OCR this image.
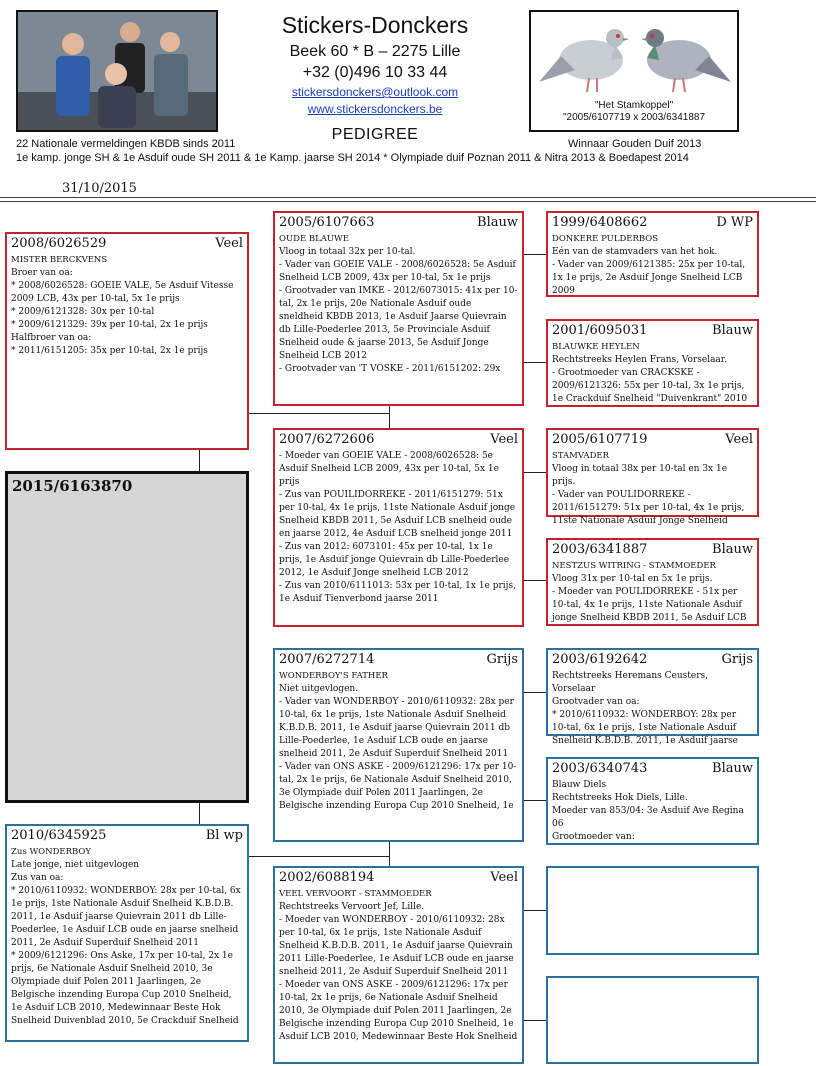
Stickers-Donckers
Beek 60 * B – 2275 Lille
+32 (0)496 10 33 44
stickersdonckers@outlook.com
www.stickersdonckers.be
PEDIGREE
"Het Stamkoppel"
"2005/6107719 x 2003/6341887
22 Nationale vermeldingen KBDB sinds 2011	Winnaar Gouden Duif 2013
1e kamp. jonge SH & 1e Asduif oude SH 2011 & 1e Kamp. jaarse SH 2014 * Olympiade duif Poznan 2011 & Nitra 2013 & Boedapest 2014
31/10/2015
2015/6163870
2008/6026529	Veel

MISTER BERCKVENS

Broer van oa:

* 2008/6026528: GOEIE VALE, 5e Asduif Vitesse 2009 LCB, 43x per 10-tal, 5x 1e prijs

* 2009/6121328: 30x per 10-tal

* 2009/6121329: 39x per 10-tal, 2x 1e prijs

Halfbroer van oa:

* 2011/6151205: 35x per 10-tal, 2x 1e prijs

2010/6345925	Bl wp

Zus WONDERBOY

Late jonge, niet uitgevlogen

Zus van oa:

* 2010/6110932: WONDERBOY: 28x per 10-tal, 6x 1e prijs, 1ste Nationale Asduif Snelheid K.B.D.B. 2011, 1e Asduif jaarse Quievrain 2011 db Lille-Poederlee, 1e Asduif LCB oude en jaarse snelheid 2011, 2e Asduif Superduif Snelheid 2011

* 2009/6121296: Ons Aske, 17x per 10-tal, 2x 1e prijs, 6e Nationale Asduif Snelheid 2010, 3e Olympiade duif Polen 2011 Jaarlingen, 2e Belgische inzending Europa Cup 2010 Snelheid, 1e Asduif LCB 2010, Medewinnaar Beste Hok Snelheid Duivenblad 2010, 5e Crackduif Snelheid

2005/6107663	Blauw

OUDE BLAUWE

Vloog in totaal 32x per 10-tal.

- Vader van GOEIE VALE - 2008/6026528: 5e Asduif Snelheid LCB 2009, 43x per 10-tal, 5x 1e prijs

- Grootvader van IMKE - 2012/6073015: 41x per 10-tal, 2x 1e prijs, 20e Nationale Asduif oude sneldheid KBDB 2013, 1e Asduif Jaarse Quievrain db Lille-Poederlee 2013, 5e Provinciale Asduif Snelheid oude & jaarse 2013, 5e Asduif Jonge Snelheid LCB 2012

- Grootvader van 'T VOSKE - 2011/6151202: 29x

2007/6272606	Veel

- Moeder van GOEIE VALE - 2008/6026528: 5e Asduif Snelheid LCB 2009, 43x per 10-tal, 5x 1e prijs

- Zus van POUILIDORREKE - 2011/6151279: 51x per 10-tal, 4x 1e prijs, 11ste Nationale Asduif jonge Snelheid KBDB 2011, 5e Asduif LCB snelheid oude en jaarse 2012, 4e Asduif LCB snelheid jonge 2011

- Zus van 2012: 6073101: 45x per 10-tal, 1x 1e prijs, 1e Asduif jonge Quievrain db Lille-Poederlee 2012, 1e Asduif Jonge snelheid LCB 2012

- Zus van 2010/6111013: 53x per 10-tal, 1x 1e prijs, 1e Asduif Tienverbond jaarse 2011

2007/6272714	Grijs

WONDERBOY'S FATHER

Niet uitgevlogen.

- Vader van WONDERBOY - 2010/6110932: 28x per 10-tal, 6x 1e prijs, 1ste Nationale Asduif Snelheid K.B.D.B. 2011, 1e Asduif jaarse Quievrain 2011 db Lille-Poederlee, 1e Asduif LCB oude en jaarse snelheid 2011, 2e Asduif Superduif Snelheid 2011

- Vader van ONS ASKE - 2009/6121296: 17x per 10-tal, 2x 1e prijs, 6e Nationale Asduif Snelheid 2010, 3e Olympiade duif Polen 2011 Jaarlingen, 2e Belgische inzending Europa Cup 2010 Snelheid, 1e

2002/6088194	Veel

VEEL VERVOORT - STAMMOEDER

Rechtstreeks Vervoort Jef, Lille.

- Moeder van WONDERBOY - 2010/6110932: 28x per 10-tal, 6x 1e prijs, 1ste Nationale Asduif Snelheid K.B.D.B. 2011, 1e Asduif jaarse Quievrain 2011 Lille-Poederlee, 1e Asduif LCB oude en jaarse snelheid 2011, 2e Asduif Superduif Snelheid 2011

- Moeder van ONS ASKE - 2009/6121296: 17x per 10-tal, 2x 1e prijs, 6e Nationale Asduif Snelheid 2010, 3e Olympiade duif Polen 2011 Jaarlingen, 2e Belgische inzending Europa Cup 2010 Snelheid, 1e Asduif LCB 2010, Medewinnaar Beste Hok Snelheid

1999/6408662	D WP

DONKERE PULDERBOS

Eén van de stamvaders van het hok.

- Vader van 2009/6121385: 25x per 10-tal, 1x 1e prijs, 2e Asduif Jonge Snelheid LCB 2009

2001/6095031	Blauw

BLAUWKE HEYLEN

Rechtstreeks Heylen Frans, Vorselaar.

- Grootmoeder van CRACKSKE - 2009/6121326: 55x per 10-tal, 3x 1e prijs, 1e Crackduif Snelheid "Duivenkrant" 2010

2005/6107719	Veel

STAMVADER

Vloog in totaal 38x per 10-tal en 3x 1e prijs.

- Vader van POULIDORREKE - 2011/6151279: 51x per 10-tal, 4x 1e prijs, 11ste Nationale Asduif Jonge Snelheid

2003/6341887	Blauw

NESTZUS WITRING - STAMMOEDER

Vloog 31x per 10-tal en 5x 1e prijs.

- Moeder van POULIDORREKE - 51x per 10-tal, 4x 1e prijs, 11ste Nationale Asduif jonge Snelheid KBDB 2011, 5e Asduif LCB

2003/6192642	Grijs

Rechtstreeks Heremans Ceusters, Vorselaar

Grootvader van oa:

* 2010/6110932: WONDERBOY: 28x per 10-tal, 6x 1e prijs, 1ste Nationale Asduif Snelheid K.B.D.B. 2011, 1e Asduif jaarse

2003/6340743	Blauw

Blauw Diels

Rechtstreeks Hok Diels, Lille.

Moeder van 853/04: 3e Asduif Ave Regina 06

Grootmoeder van:
